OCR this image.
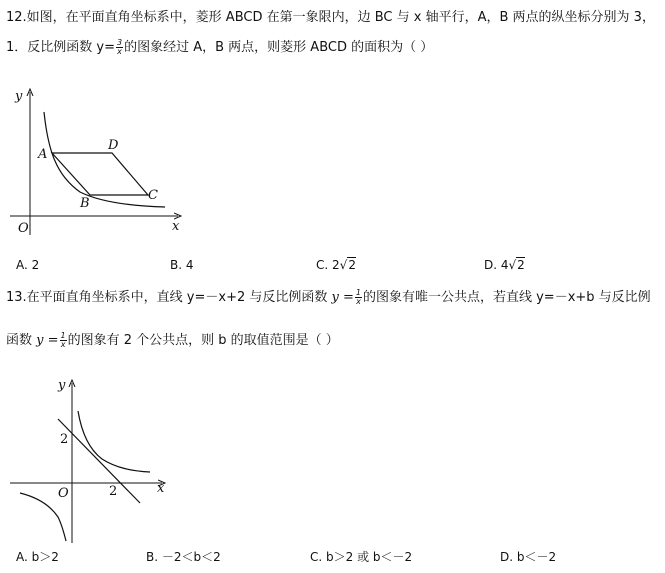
12.如图，在平面直角坐标系中，菱形 ABCD 在第一象限内，边 BC 与 x 轴平行，A，B 两点的纵坐标分别为 3，
1．反比例函数 $y= \frac{3}{x}$ 的图象经过 A，B 两点，则菱形 ABCD 的面积为（ ）
y
x
O
A
D
C
B
A. 2	B. 4	C. 2√2	D. 4√2
13.在平面直角坐标系中，直线 y=－x+2 与反比例函数 $y = \frac{1}{x}$ 的图象有唯一公共点，若直线 y=－x+b 与反比例
函数 $y = \frac{1}{x}$ 的图象有 2 个公共点，则 b 的取值范围是（ ）
y
x
O
2
2
A. b＞2	B. －2＜b＜2	C. b＞2 或 b＜－2	D. b＜－2
